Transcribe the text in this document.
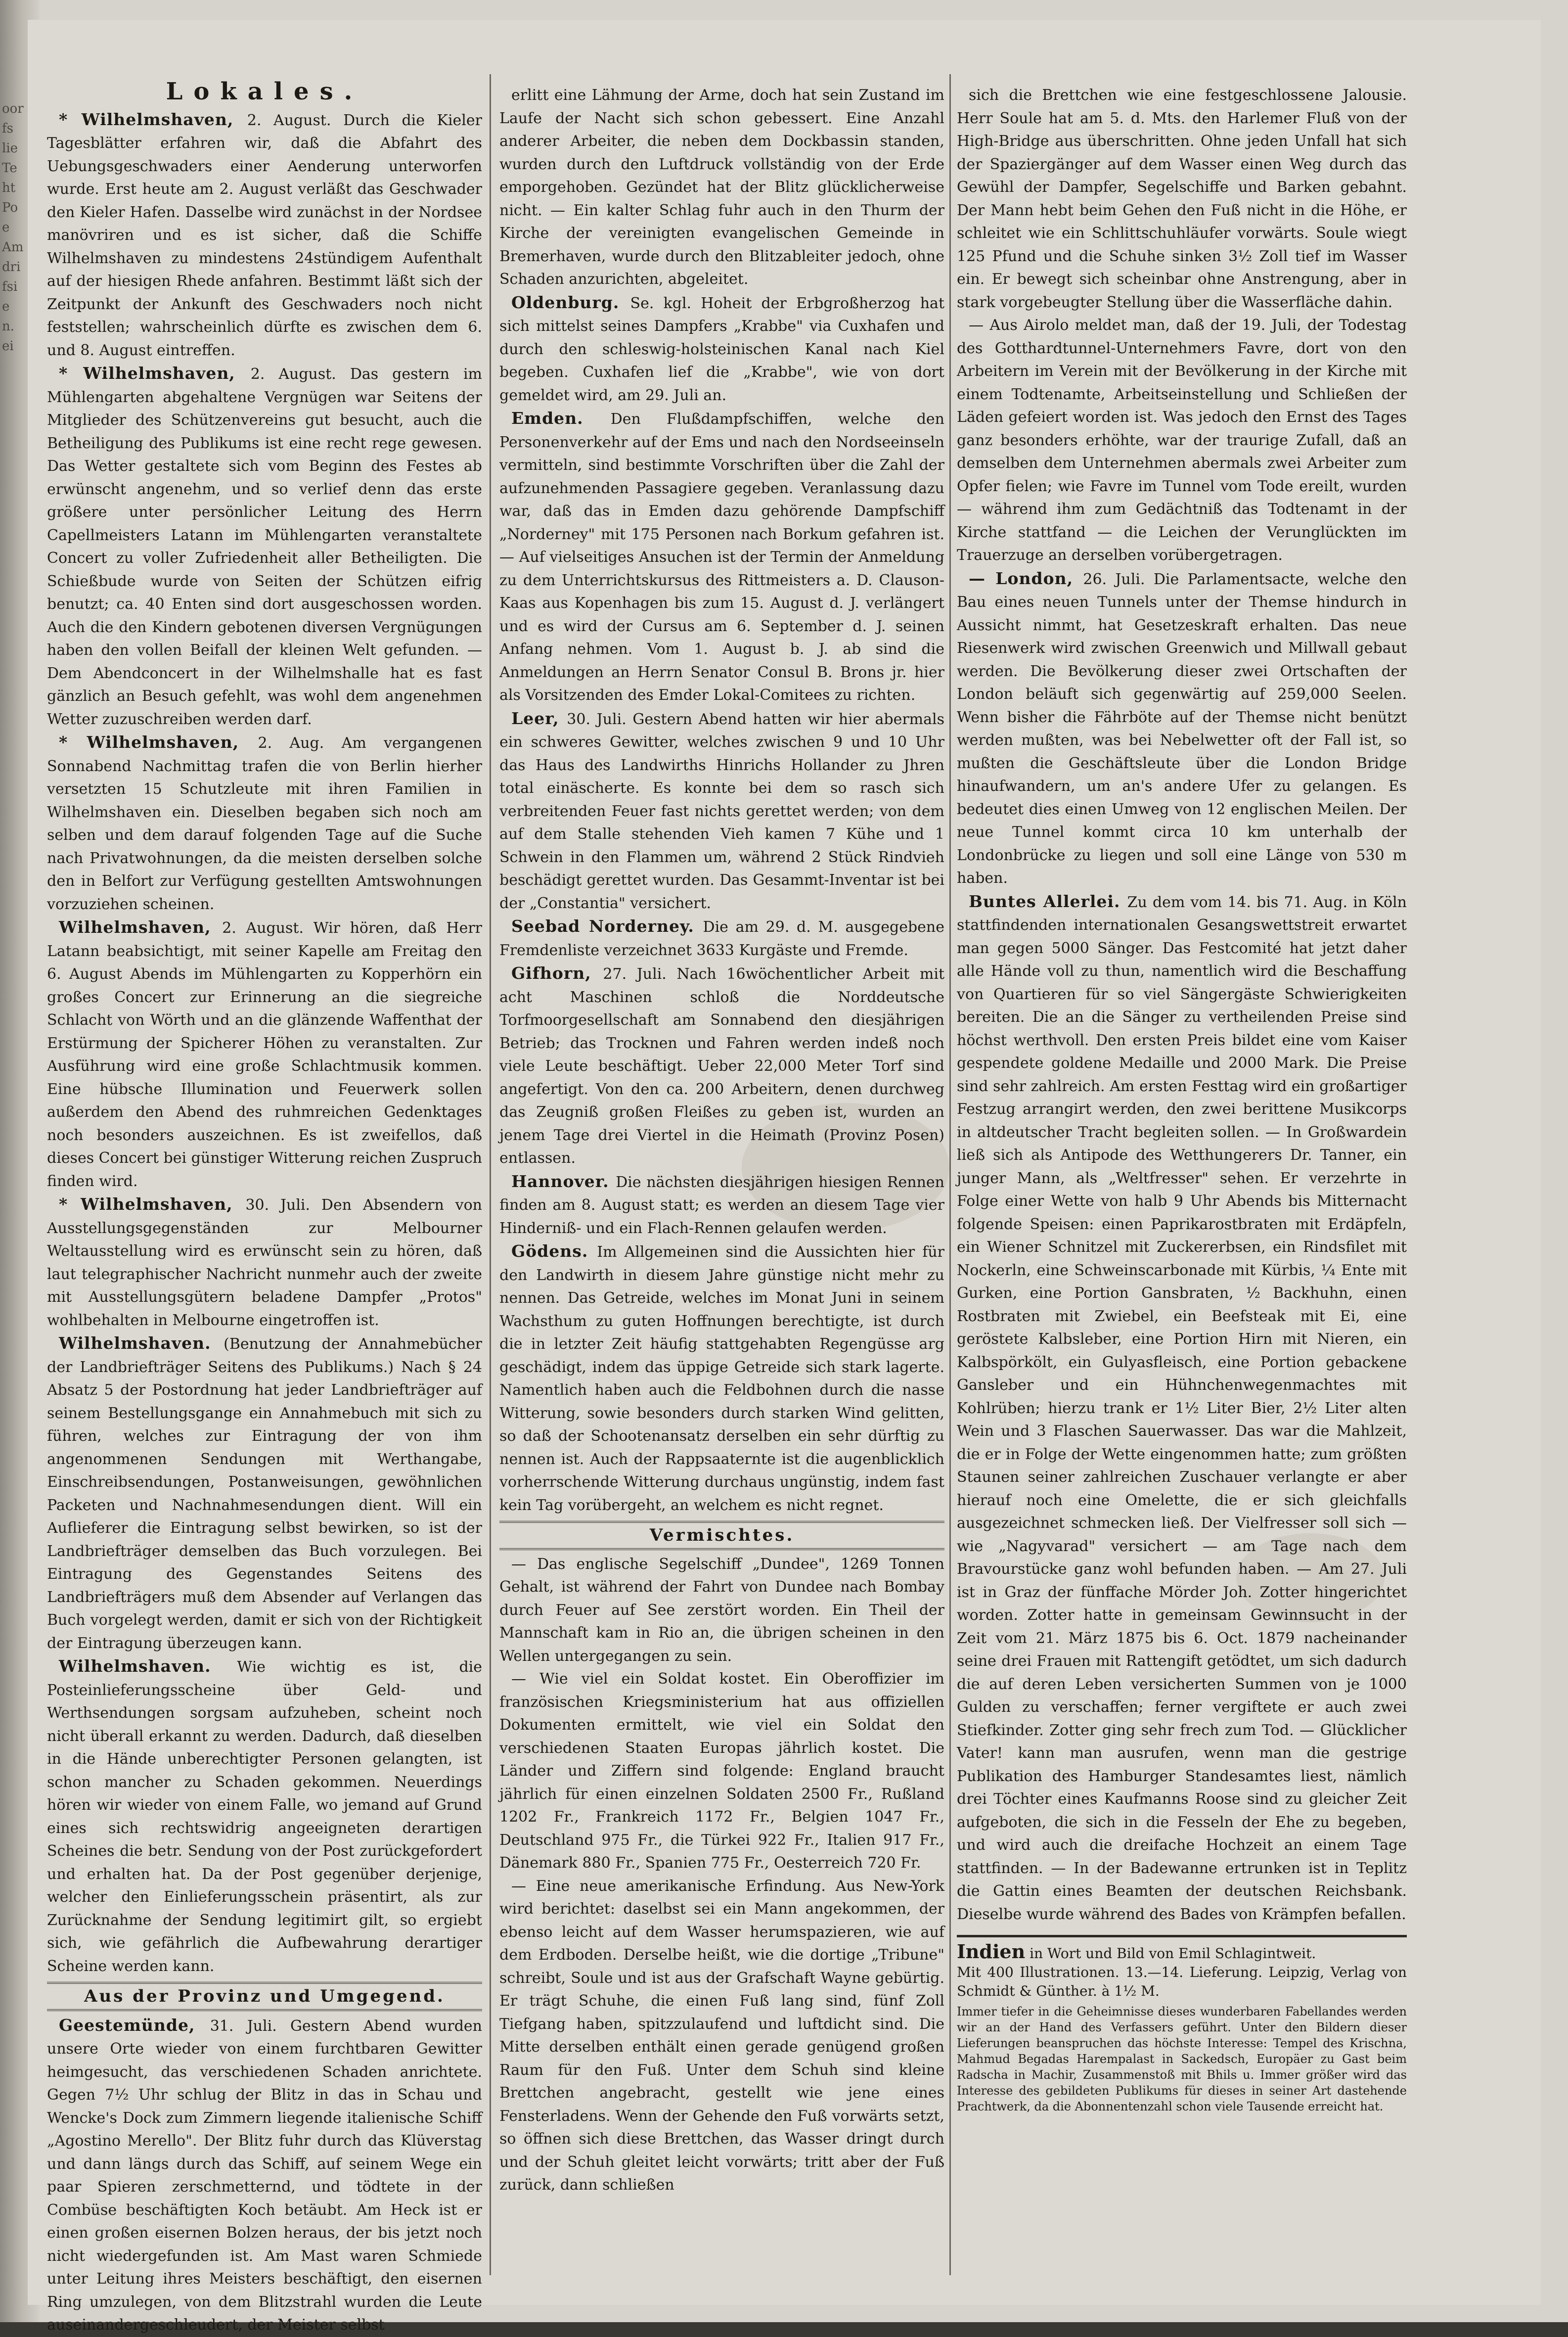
oor
fs
lie
Te
ht
Po
e
Am
dri
fsi
e
n.
ei
Lokales.

* Wilhelmshaven, 2. August. Durch die Kieler Tagesblätter erfahren wir, daß die Abfahrt des Uebungsgeschwaders einer Aenderung unterworfen wurde. Erst heute am 2. August verläßt das Geschwader den Kieler Hafen. Dasselbe wird zunächst in der Nordsee manövriren und es ist sicher, daß die Schiffe Wilhelmshaven zu mindestens 24stündigem Aufenthalt auf der hiesigen Rhede anfahren. Bestimmt läßt sich der Zeitpunkt der Ankunft des Geschwaders noch nicht feststellen; wahrscheinlich dürfte es zwischen dem 6. und 8. August eintreffen.

* Wilhelmshaven, 2. August. Das gestern im Mühlengarten abgehaltene Vergnügen war Seitens der Mitglieder des Schützenvereins gut besucht, auch die Betheiligung des Publikums ist eine recht rege gewesen. Das Wetter gestaltete sich vom Beginn des Festes ab erwünscht angenehm, und so verlief denn das erste größere unter persönlicher Leitung des Herrn Capellmeisters Latann im Mühlengarten veranstaltete Concert zu voller Zufriedenheit aller Betheiligten. Die Schießbude wurde von Seiten der Schützen eifrig benutzt; ca. 40 Enten sind dort ausgeschossen worden. Auch die den Kindern gebotenen diversen Vergnügungen haben den vollen Beifall der kleinen Welt gefunden. — Dem Abendconcert in der Wilhelmshalle hat es fast gänzlich an Besuch gefehlt, was wohl dem angenehmen Wetter zuzuschreiben werden darf.

* Wilhelmshaven, 2. Aug. Am vergangenen Sonnabend Nachmittag trafen die von Berlin hierher versetzten 15 Schutzleute mit ihren Familien in Wilhelmshaven ein. Dieselben begaben sich noch am selben und dem darauf folgenden Tage auf die Suche nach Privatwohnungen, da die meisten derselben solche den in Belfort zur Verfügung gestellten Amtswohnungen vorzuziehen scheinen.

Wilhelmshaven, 2. August. Wir hören, daß Herr Latann beabsichtigt, mit seiner Kapelle am Freitag den 6. August Abends im Mühlengarten zu Kopperhörn ein großes Concert zur Erinnerung an die siegreiche Schlacht von Wörth und an die glänzende Waffenthat der Erstürmung der Spicherer Höhen zu veranstalten. Zur Ausführung wird eine große Schlachtmusik kommen. Eine hübsche Illumination und Feuerwerk sollen außerdem den Abend des ruhmreichen Gedenktages noch besonders auszeichnen. Es ist zweifellos, daß dieses Concert bei günstiger Witterung reichen Zuspruch finden wird.

* Wilhelmshaven, 30. Juli. Den Absendern von Ausstellungsgegenständen zur Melbourner Weltausstellung wird es erwünscht sein zu hören, daß laut telegraphischer Nachricht nunmehr auch der zweite mit Ausstellungsgütern beladene Dampfer „Protos" wohlbehalten in Melbourne eingetroffen ist.

Wilhelmshaven. (Benutzung der Annahmebücher der Landbriefträger Seitens des Publikums.) Nach § 24 Absatz 5 der Postordnung hat jeder Landbriefträger auf seinem Bestellungsgange ein Annahmebuch mit sich zu führen, welches zur Eintragung der von ihm angenommenen Sendungen mit Werthangabe, Einschreibsendungen, Postanweisungen, gewöhnlichen Packeten und Nachnahmesendungen dient. Will ein Auflieferer die Eintragung selbst bewirken, so ist der Landbriefträger demselben das Buch vorzulegen. Bei Eintragung des Gegenstandes Seitens des Landbriefträgers muß dem Absender auf Verlangen das Buch vorgelegt werden, damit er sich von der Richtigkeit der Eintragung überzeugen kann.

Wilhelmshaven. Wie wichtig es ist, die Posteinlieferungsscheine über Geld- und Werthsendungen sorgsam aufzuheben, scheint noch nicht überall erkannt zu werden. Dadurch, daß dieselben in die Hände unberechtigter Personen gelangten, ist schon mancher zu Schaden gekommen. Neuerdings hören wir wieder von einem Falle, wo jemand auf Grund eines sich rechtswidrig angeeigneten derartigen Scheines die betr. Sendung von der Post zurückgefordert und erhalten hat. Da der Post gegenüber derjenige, welcher den Einlieferungsschein präsentirt, als zur Zurücknahme der Sendung legitimirt gilt, so ergiebt sich, wie gefährlich die Aufbewahrung derartiger Scheine werden kann.

Aus der Provinz und Umgegend.

Geestemünde, 31. Juli. Gestern Abend wurden unsere Orte wieder von einem furchtbaren Gewitter heimgesucht, das verschiedenen Schaden anrichtete. Gegen 7½ Uhr schlug der Blitz in das in Schau und Wencke's Dock zum Zimmern liegende italienische Schiff „Agostino Merello". Der Blitz fuhr durch das Klüverstag und dann längs durch das Schiff, auf seinem Wege ein paar Spieren zerschmetternd, und tödtete in der Combüse beschäftigten Koch betäubt. Am Heck ist er einen großen eisernen Bolzen heraus, der bis jetzt noch nicht wiedergefunden ist. Am Mast waren Schmiede unter Leitung ihres Meisters beschäftigt, den eisernen Ring umzulegen, von dem Blitzstrahl wurden die Leute auseinandergeschleudert, der Meister selbst

erlitt eine Lähmung der Arme, doch hat sein Zustand im Laufe der Nacht sich schon gebessert. Eine Anzahl anderer Arbeiter, die neben dem Dockbassin standen, wurden durch den Luftdruck vollständig von der Erde emporgehoben. Gezündet hat der Blitz glücklicherweise nicht. — Ein kalter Schlag fuhr auch in den Thurm der Kirche der vereinigten evangelischen Gemeinde in Bremerhaven, wurde durch den Blitzableiter jedoch, ohne Schaden anzurichten, abgeleitet.

Oldenburg. Se. kgl. Hoheit der Erbgroßherzog hat sich mittelst seines Dampfers „Krabbe" via Cuxhafen und durch den schleswig-holsteinischen Kanal nach Kiel begeben. Cuxhafen lief die „Krabbe", wie von dort gemeldet wird, am 29. Juli an.

Emden. Den Flußdampfschiffen, welche den Personenverkehr auf der Ems und nach den Nordseeinseln vermitteln, sind bestimmte Vorschriften über die Zahl der aufzunehmenden Passagiere gegeben. Veranlassung dazu war, daß das in Emden dazu gehörende Dampfschiff „Norderney" mit 175 Personen nach Borkum gefahren ist. — Auf vielseitiges Ansuchen ist der Termin der Anmeldung zu dem Unterrichtskursus des Rittmeisters a. D. Clauson-Kaas aus Kopenhagen bis zum 15. August d. J. verlängert und es wird der Cursus am 6. September d. J. seinen Anfang nehmen. Vom 1. August b. J. ab sind die Anmeldungen an Herrn Senator Consul B. Brons jr. hier als Vorsitzenden des Emder Lokal-Comitees zu richten.

Leer, 30. Juli. Gestern Abend hatten wir hier abermals ein schweres Gewitter, welches zwischen 9 und 10 Uhr das Haus des Landwirths Hinrichs Hollander zu Jhren total einäscherte. Es konnte bei dem so rasch sich verbreitenden Feuer fast nichts gerettet werden; von dem auf dem Stalle stehenden Vieh kamen 7 Kühe und 1 Schwein in den Flammen um, während 2 Stück Rindvieh beschädigt gerettet wurden. Das Gesammt-Inventar ist bei der „Constantia" versichert.

Seebad Norderney. Die am 29. d. M. ausgegebene Fremdenliste verzeichnet 3633 Kurgäste und Fremde.

Gifhorn, 27. Juli. Nach 16wöchentlicher Arbeit mit acht Maschinen schloß die Norddeutsche Torfmoorgesellschaft am Sonnabend den diesjährigen Betrieb; das Trocknen und Fahren werden indeß noch viele Leute beschäftigt. Ueber 22,000 Meter Torf sind angefertigt. Von den ca. 200 Arbeitern, denen durchweg das Zeugniß großen Fleißes zu geben ist, wurden an jenem Tage drei Viertel in die Heimath (Provinz Posen) entlassen.

Hannover. Die nächsten diesjährigen hiesigen Rennen finden am 8. August statt; es werden an diesem Tage vier Hinderniß- und ein Flach-Rennen gelaufen werden.

Gödens. Im Allgemeinen sind die Aussichten hier für den Landwirth in diesem Jahre günstige nicht mehr zu nennen. Das Getreide, welches im Monat Juni in seinem Wachsthum zu guten Hoffnungen berechtigte, ist durch die in letzter Zeit häufig stattgehabten Regengüsse arg geschädigt, indem das üppige Getreide sich stark lagerte. Namentlich haben auch die Feldbohnen durch die nasse Witterung, sowie besonders durch starken Wind gelitten, so daß der Schootenansatz derselben ein sehr dürftig zu nennen ist. Auch der Rappsaaternte ist die augenblicklich vorherrschende Witterung durchaus ungünstig, indem fast kein Tag vorübergeht, an welchem es nicht regnet.

Vermischtes.

— Das englische Segelschiff „Dundee", 1269 Tonnen Gehalt, ist während der Fahrt von Dundee nach Bombay durch Feuer auf See zerstört worden. Ein Theil der Mannschaft kam in Rio an, die übrigen scheinen in den Wellen untergegangen zu sein.

— Wie viel ein Soldat kostet. Ein Oberoffizier im französischen Kriegsministerium hat aus offiziellen Dokumenten ermittelt, wie viel ein Soldat den verschiedenen Staaten Europas jährlich kostet. Die Länder und Ziffern sind folgende: England braucht jährlich für einen einzelnen Soldaten 2500 Fr., Rußland 1202 Fr., Frankreich 1172 Fr., Belgien 1047 Fr., Deutschland 975 Fr., die Türkei 922 Fr., Italien 917 Fr., Dänemark 880 Fr., Spanien 775 Fr., Oesterreich 720 Fr.

— Eine neue amerikanische Erfindung. Aus New-York wird berichtet: daselbst sei ein Mann angekommen, der ebenso leicht auf dem Wasser herumspazieren, wie auf dem Erdboden. Derselbe heißt, wie die dortige „Tribune" schreibt, Soule und ist aus der Grafschaft Wayne gebürtig. Er trägt Schuhe, die einen Fuß lang sind, fünf Zoll Tiefgang haben, spitzzulaufend und luftdicht sind. Die Mitte derselben enthält einen gerade genügend großen Raum für den Fuß. Unter dem Schuh sind kleine Brettchen angebracht, gestellt wie jene eines Fensterladens. Wenn der Gehende den Fuß vorwärts setzt, so öffnen sich diese Brettchen, das Wasser dringt durch und der Schuh gleitet leicht vorwärts; tritt aber der Fuß zurück, dann schließen

sich die Brettchen wie eine festgeschlossene Jalousie. Herr Soule hat am 5. d. Mts. den Harlemer Fluß von der High-Bridge aus überschritten. Ohne jeden Unfall hat sich der Spaziergänger auf dem Wasser einen Weg durch das Gewühl der Dampfer, Segelschiffe und Barken gebahnt. Der Mann hebt beim Gehen den Fuß nicht in die Höhe, er schleitet wie ein Schlittschuhläufer vorwärts. Soule wiegt 125 Pfund und die Schuhe sinken 3½ Zoll tief im Wasser ein. Er bewegt sich scheinbar ohne Anstrengung, aber in stark vorgebeugter Stellung über die Wasserfläche dahin.

— Aus Airolo meldet man, daß der 19. Juli, der Todestag des Gotthardtunnel-Unternehmers Favre, dort von den Arbeitern im Verein mit der Bevölkerung in der Kirche mit einem Todtenamte, Arbeitseinstellung und Schließen der Läden gefeiert worden ist. Was jedoch den Ernst des Tages ganz besonders erhöhte, war der traurige Zufall, daß an demselben dem Unternehmen abermals zwei Arbeiter zum Opfer fielen; wie Favre im Tunnel vom Tode ereilt, wurden — während ihm zum Gedächtniß das Todtenamt in der Kirche stattfand — die Leichen der Verunglückten im Trauerzuge an derselben vorübergetragen.

— London, 26. Juli. Die Parlamentsacte, welche den Bau eines neuen Tunnels unter der Themse hindurch in Aussicht nimmt, hat Gesetzeskraft erhalten. Das neue Riesenwerk wird zwischen Greenwich und Millwall gebaut werden. Die Bevölkerung dieser zwei Ortschaften der London beläuft sich gegenwärtig auf 259,000 Seelen. Wenn bisher die Fährböte auf der Themse nicht benützt werden mußten, was bei Nebelwetter oft der Fall ist, so mußten die Geschäftsleute über die London Bridge hinaufwandern, um an's andere Ufer zu gelangen. Es bedeutet dies einen Umweg von 12 englischen Meilen. Der neue Tunnel kommt circa 10 km unterhalb der Londonbrücke zu liegen und soll eine Länge von 530 m haben.

Buntes Allerlei. Zu dem vom 14. bis 71. Aug. in Köln stattfindenden internationalen Gesangswettstreit erwartet man gegen 5000 Sänger. Das Festcomité hat jetzt daher alle Hände voll zu thun, namentlich wird die Beschaffung von Quartieren für so viel Sängergäste Schwierigkeiten bereiten. Die an die Sänger zu vertheilenden Preise sind höchst werthvoll. Den ersten Preis bildet eine vom Kaiser gespendete goldene Medaille und 2000 Mark. Die Preise sind sehr zahlreich. Am ersten Festtag wird ein großartiger Festzug arrangirt werden, den zwei berittene Musikcorps in altdeutscher Tracht begleiten sollen. — In Großwardein ließ sich als Antipode des Wetthungerers Dr. Tanner, ein junger Mann, als „Weltfresser" sehen. Er verzehrte in Folge einer Wette von halb 9 Uhr Abends bis Mitternacht folgende Speisen: einen Paprikarostbraten mit Erdäpfeln, ein Wiener Schnitzel mit Zuckererbsen, ein Rindsfilet mit Nockerln, eine Schweinscarbonade mit Kürbis, ¼ Ente mit Gurken, eine Portion Gansbraten, ½ Backhuhn, einen Rostbraten mit Zwiebel, ein Beefsteak mit Ei, eine geröstete Kalbsleber, eine Portion Hirn mit Nieren, ein Kalbspörkölt, ein Gulyasfleisch, eine Portion gebackene Gansleber und ein Hühnchenwegenmachtes mit Kohlrüben; hierzu trank er 1½ Liter Bier, 2½ Liter alten Wein und 3 Flaschen Sauerwasser. Das war die Mahlzeit, die er in Folge der Wette eingenommen hatte; zum größten Staunen seiner zahlreichen Zuschauer verlangte er aber hierauf noch eine Omelette, die er sich gleichfalls ausgezeichnet schmecken ließ. Der Vielfresser soll sich — wie „Nagyvarad" versichert — am Tage nach dem Bravourstücke ganz wohl befunden haben. — Am 27. Juli ist in Graz der fünffache Mörder Joh. Zotter hingerichtet worden. Zotter hatte in gemeinsam Gewinnsucht in der Zeit vom 21. März 1875 bis 6. Oct. 1879 nacheinander seine drei Frauen mit Rattengift getödtet, um sich dadurch die auf deren Leben versicherten Summen von je 1000 Gulden zu verschaffen; ferner vergiftete er auch zwei Stiefkinder. Zotter ging sehr frech zum Tod. — Glücklicher Vater! kann man ausrufen, wenn man die gestrige Publikation des Hamburger Standesamtes liest, nämlich drei Töchter eines Kaufmanns Roose sind zu gleicher Zeit aufgeboten, die sich in die Fesseln der Ehe zu begeben, und wird auch die dreifache Hochzeit an einem Tage stattfinden. — In der Badewanne ertrunken ist in Teplitz die Gattin eines Beamten der deutschen Reichsbank. Dieselbe wurde während des Bades von Krämpfen befallen.

Indien in Wort und Bild von Emil Schlagintweit.
Mit 400 Illustrationen. 13.—14. Lieferung. Leipzig, Verlag von Schmidt & Günther. à 1½ M.
Immer tiefer in die Geheimnisse dieses wunderbaren Fabellandes werden wir an der Hand des Verfassers geführt. Unter den Bildern dieser Lieferungen beanspruchen das höchste Interesse: Tempel des Krischna, Mahmud Begadas Harempalast in Sackedsch, Europäer zu Gast beim Radscha in Machir, Zusammenstoß mit Bhils u. Immer größer wird das Interesse des gebildeten Publikums für dieses in seiner Art dastehende Prachtwerk, da die Abonnentenzahl schon viele Tausende erreicht hat.
